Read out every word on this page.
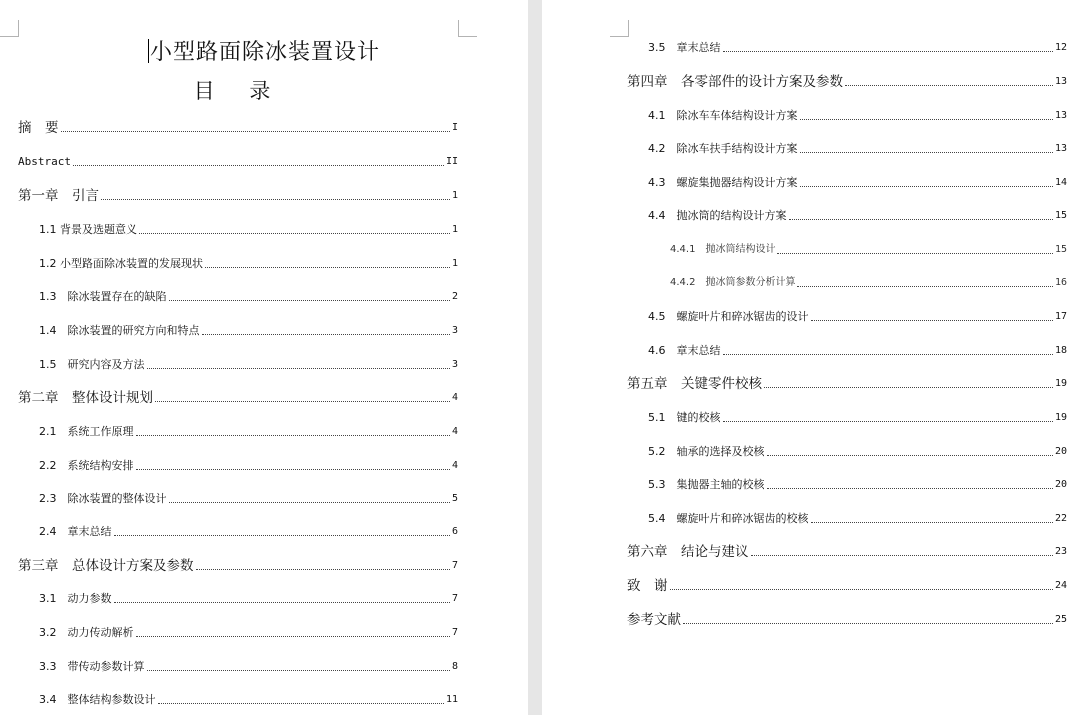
小型路面除冰装置设计
目 录
摘　要	I
Abstract	II
第一章　引言	1
1.1 背景及选题意义	1
1.2 小型路面除冰装置的发展现状	1
1.3　除冰装置存在的缺陷	2
1.4　除冰装置的研究方向和特点	3
1.5　研究内容及方法	3
第二章　整体设计规划	4
2.1　系统工作原理	4
2.2　系统结构安排	4
2.3　除冰装置的整体设计	5
2.4　章末总结	6
第三章　总体设计方案及参数	7
3.1　动力参数	7
3.2　动力传动解析	7
3.3　带传动参数计算	8
3.4　整体结构参数设计	11
3.5　章末总结	12
第四章　各零部件的设计方案及参数	13
4.1　除冰车车体结构设计方案	13
4.2　除冰车扶手结构设计方案	13
4.3　螺旋集抛器结构设计方案	14
4.4　抛冰筒的结构设计方案	15
4.4.1　抛冰筒结构设计	15
4.4.2　抛冰筒参数分析计算	16
4.5　螺旋叶片和碎冰锯齿的设计	17
4.6　章末总结	18
第五章　关键零件校核	19
5.1　键的校核	19
5.2　轴承的选择及校核	20
5.3　集抛器主轴的校核	20
5.4　螺旋叶片和碎冰锯齿的校核	22
第六章　结论与建议	23
致　谢	24
参考文献	25
